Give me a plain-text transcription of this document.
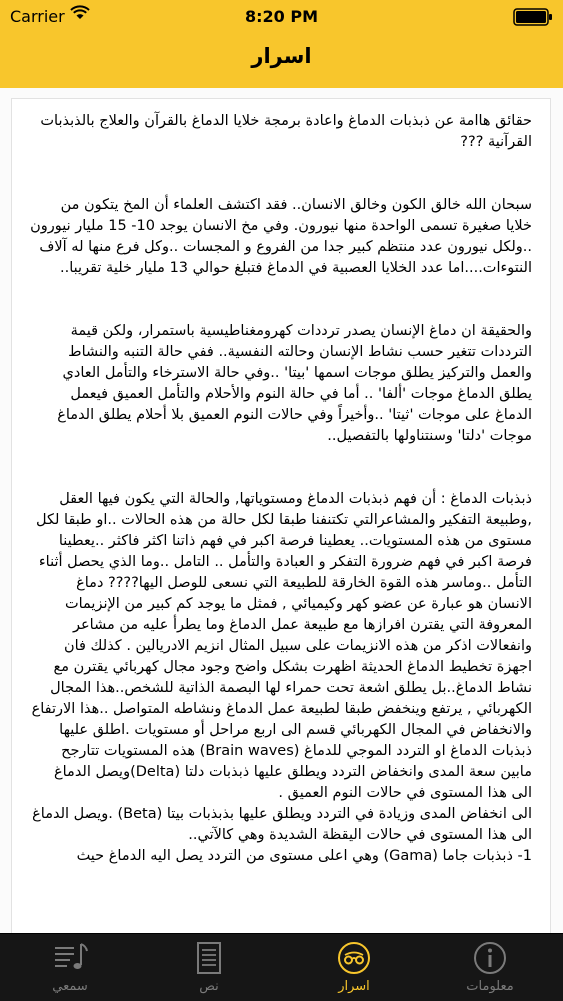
Carrier	8:20 PM
اسرار

حقائق هاامة عن ذبذبات الدماغ واعادة برمجة خلايا الدماغ بالقرآن والعلاج بالذبذبات القرآنية ???

سبحان الله خالق الكون وخالق الانسان.. فقد اكتشف العلماء أن المخ يتكون من خلايا صغيرة تسمى الواحدة منها نيورون. وفي مخ الانسان يوجد 10- 15 مليار نيورون ..ولكل نيورون عدد منتظم كبير جدا من الفروع و المجسات ..وكل فرع منها له آلاف النتوءات....اما عدد الخلايا العصبية في الدماغ فتبلغ حوالي 13 مليار خلية تقريبا..

والحقيقة ان دماغ الإنسان يصدر ترددات كهرومغناطيسية باستمرار، ولكن قيمة الترددات تتغير حسب نشاط الإنسان وحالته النفسية.. ففي حالة التنبه والنشاط والعمل والتركيز يطلق موجات اسمها 'بيتا' ..وفي حالة الاسترخاء والتأمل العادي يطلق الدماغ موجات 'ألفا' .. أما في حالة النوم والأحلام والتأمل العميق فيعمل الدماغ على موجات 'ثيتا' ..وأخيراً وفي حالات النوم العميق بلا أحلام يطلق الدماغ موجات 'دلتا' وسنتناولها بالتفصيل..

ذبذبات الدماغ : أن فهم ذبذبات الدماغ ومستوياتها, والحالة التي يكون فيها العقل ,وطبيعة التفكير والمشاعرالتي تكتنفنا طبقا لكل حالة من هذه الحالات ..او طبقا لكل مستوى من هذه المستويات.. يعطينا فرصة اكبر في فهم ذاتنا اكثر فاكثر ..يعطينا فرصة اكبر في فهم ضرورة التفكر و العبادة والتأمل .. التامل ..وما الذي يحصل أثناء التأمل ..وماسر هذه القوة الخارقة للطبيعة التي نسعى للوصل اليها???? دماغ الانسان هو عبارة عن عضو كهر وكيميائي , فمثل ما يوجد كم كبير من الإنزيمات المعروفة التي يقترن افرازها مع طبيعة عمل الدماغ وما يطرأ عليه من مشاعر وانفعالات اذكر من هذه الانزيمات على سبيل المثال انزيم الادريالين . كذلك فان اجهزة تخطيط الدماغ الحديثة اظهرت بشكل واضح وجود مجال كهربائي يقترن مع نشاط الدماغ..بل يطلق اشعة تحت حمراء لها البصمة الذاتية للشخص..هذا المجال الكهربائي , يرتفع وينخفض طبقا لطبيعة عمل الدماغ ونشاطه المتواصل ..هذا الارتفاع والانخفاض في المجال الكهربائي قسم الى اربع مراحل أو مستويات .اطلق عليها ذبذبات الدماغ او التردد الموجي للدماغ (Brain waves) هذه المستويات تتارجح مابين سعة المدى وانخفاض التردد ويطلق عليها ذبذبات دلتا (Delta)ويصل الدماغ الى هذا المستوى في حالات النوم العميق .

الى انخفاض المدى وزيادة في التردد ويطلق عليها بذبذبات بيتا (Beta) .ويصل الدماغ الى هذا المستوى في حالات اليقظة الشديدة وهي كالآتي..

1- ذبذبات جاما (Gama) وهي اعلى مستوى من التردد يصل اليه الدماغ حيث

معلومات
اسرار
نص
سمعي
